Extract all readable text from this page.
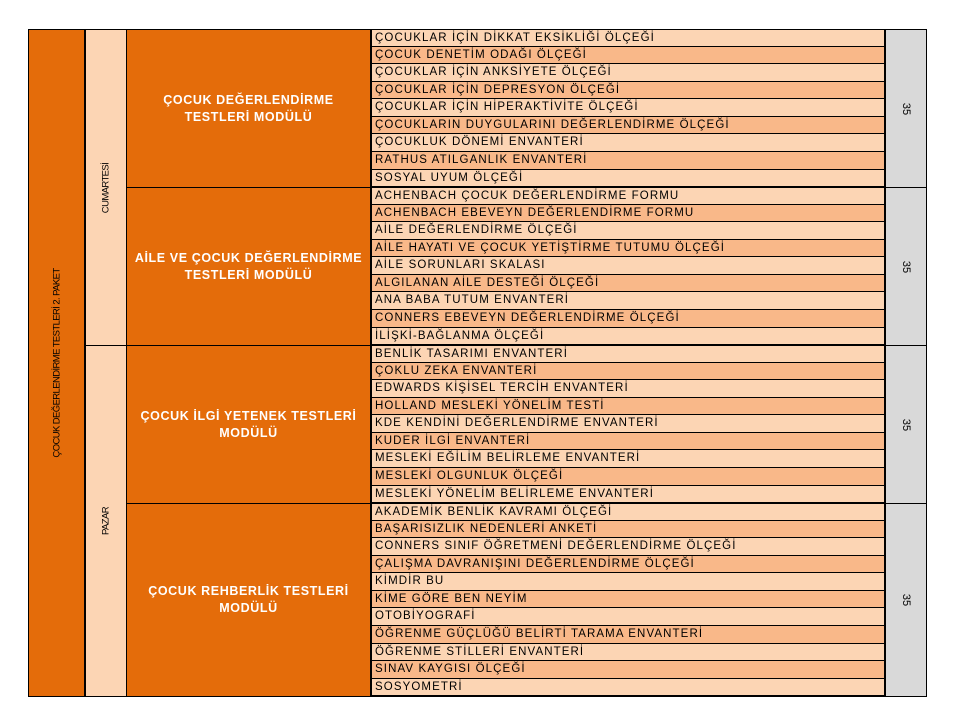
ÇOCUK DEĞERLENDİRME TESTLERİ 2. PAKET
CUMARTESİ
PAZAR
ÇOCUK DEĞERLENDİRME TESTLERİ MODÜLÜ
ÇOCUKLAR İÇİN DİKKAT EKSİKLİĞİ ÖLÇEĞİ
ÇOCUK DENETİM ODAĞI ÖLÇEĞİ
ÇOCUKLAR İÇİN ANKSİYETE ÖLÇEĞİ
ÇOCUKLAR İÇİN DEPRESYON ÖLÇEĞİ
ÇOCUKLAR İÇİN HİPERAKTİVİTE ÖLÇEĞİ
ÇOCUKLARIN DUYGULARINI DEĞERLENDİRME ÖLÇEĞİ
ÇOCUKLUK DÖNEMİ ENVANTERİ
RATHUS ATILGANLIK ENVANTERİ
SOSYAL UYUM ÖLÇEĞİ
35
AİLE VE ÇOCUK DEĞERLENDİRME TESTLERİ MODÜLÜ
ACHENBACH ÇOCUK DEĞERLENDİRME FORMU
ACHENBACH EBEVEYN DEĞERLENDİRME FORMU
AİLE DEĞERLENDİRME ÖLÇEĞİ
AİLE HAYATI VE ÇOCUK YETİŞTİRME TUTUMU ÖLÇEĞİ
AİLE SORUNLARI SKALASI
ALGILANAN AİLE DESTEĞİ ÖLÇEĞİ
ANA BABA TUTUM ENVANTERİ
CONNERS EBEVEYN DEĞERLENDİRME ÖLÇEĞİ
İLİŞKİ-BAĞLANMA ÖLÇEĞİ
35
ÇOCUK İLGİ YETENEK TESTLERİ MODÜLÜ
BENLİK TASARIMI ENVANTERİ
ÇOKLU ZEKA ENVANTERİ
EDWARDS KİŞİSEL TERCİH ENVANTERİ
HOLLAND MESLEKİ YÖNELİM TESTİ
KDE KENDİNİ DEĞERLENDİRME ENVANTERİ
KUDER İLGİ ENVANTERİ
MESLEKİ EĞİLİM BELİRLEME ENVANTERİ
MESLEKİ OLGUNLUK ÖLÇEĞİ
MESLEKİ YÖNELİM BELİRLEME ENVANTERİ
35
ÇOCUK REHBERLİK TESTLERİ MODÜLÜ
AKADEMİK BENLİK KAVRAMI ÖLÇEĞİ
BAŞARISIZLIK NEDENLERİ ANKETİ
CONNERS SINIF ÖĞRETMENİ DEĞERLENDİRME ÖLÇEĞİ
ÇALIŞMA DAVRANIŞINI DEĞERLENDİRME ÖLÇEĞİ
KİMDİR BU
KİME GÖRE BEN NEYİM
OTOBİYOGRAFİ
ÖĞRENME GÜÇLÜĞÜ BELİRTİ TARAMA ENVANTERİ
ÖĞRENME STİLLERİ ENVANTERİ
SINAV KAYGISI ÖLÇEĞİ
SOSYOMETRİ
35
